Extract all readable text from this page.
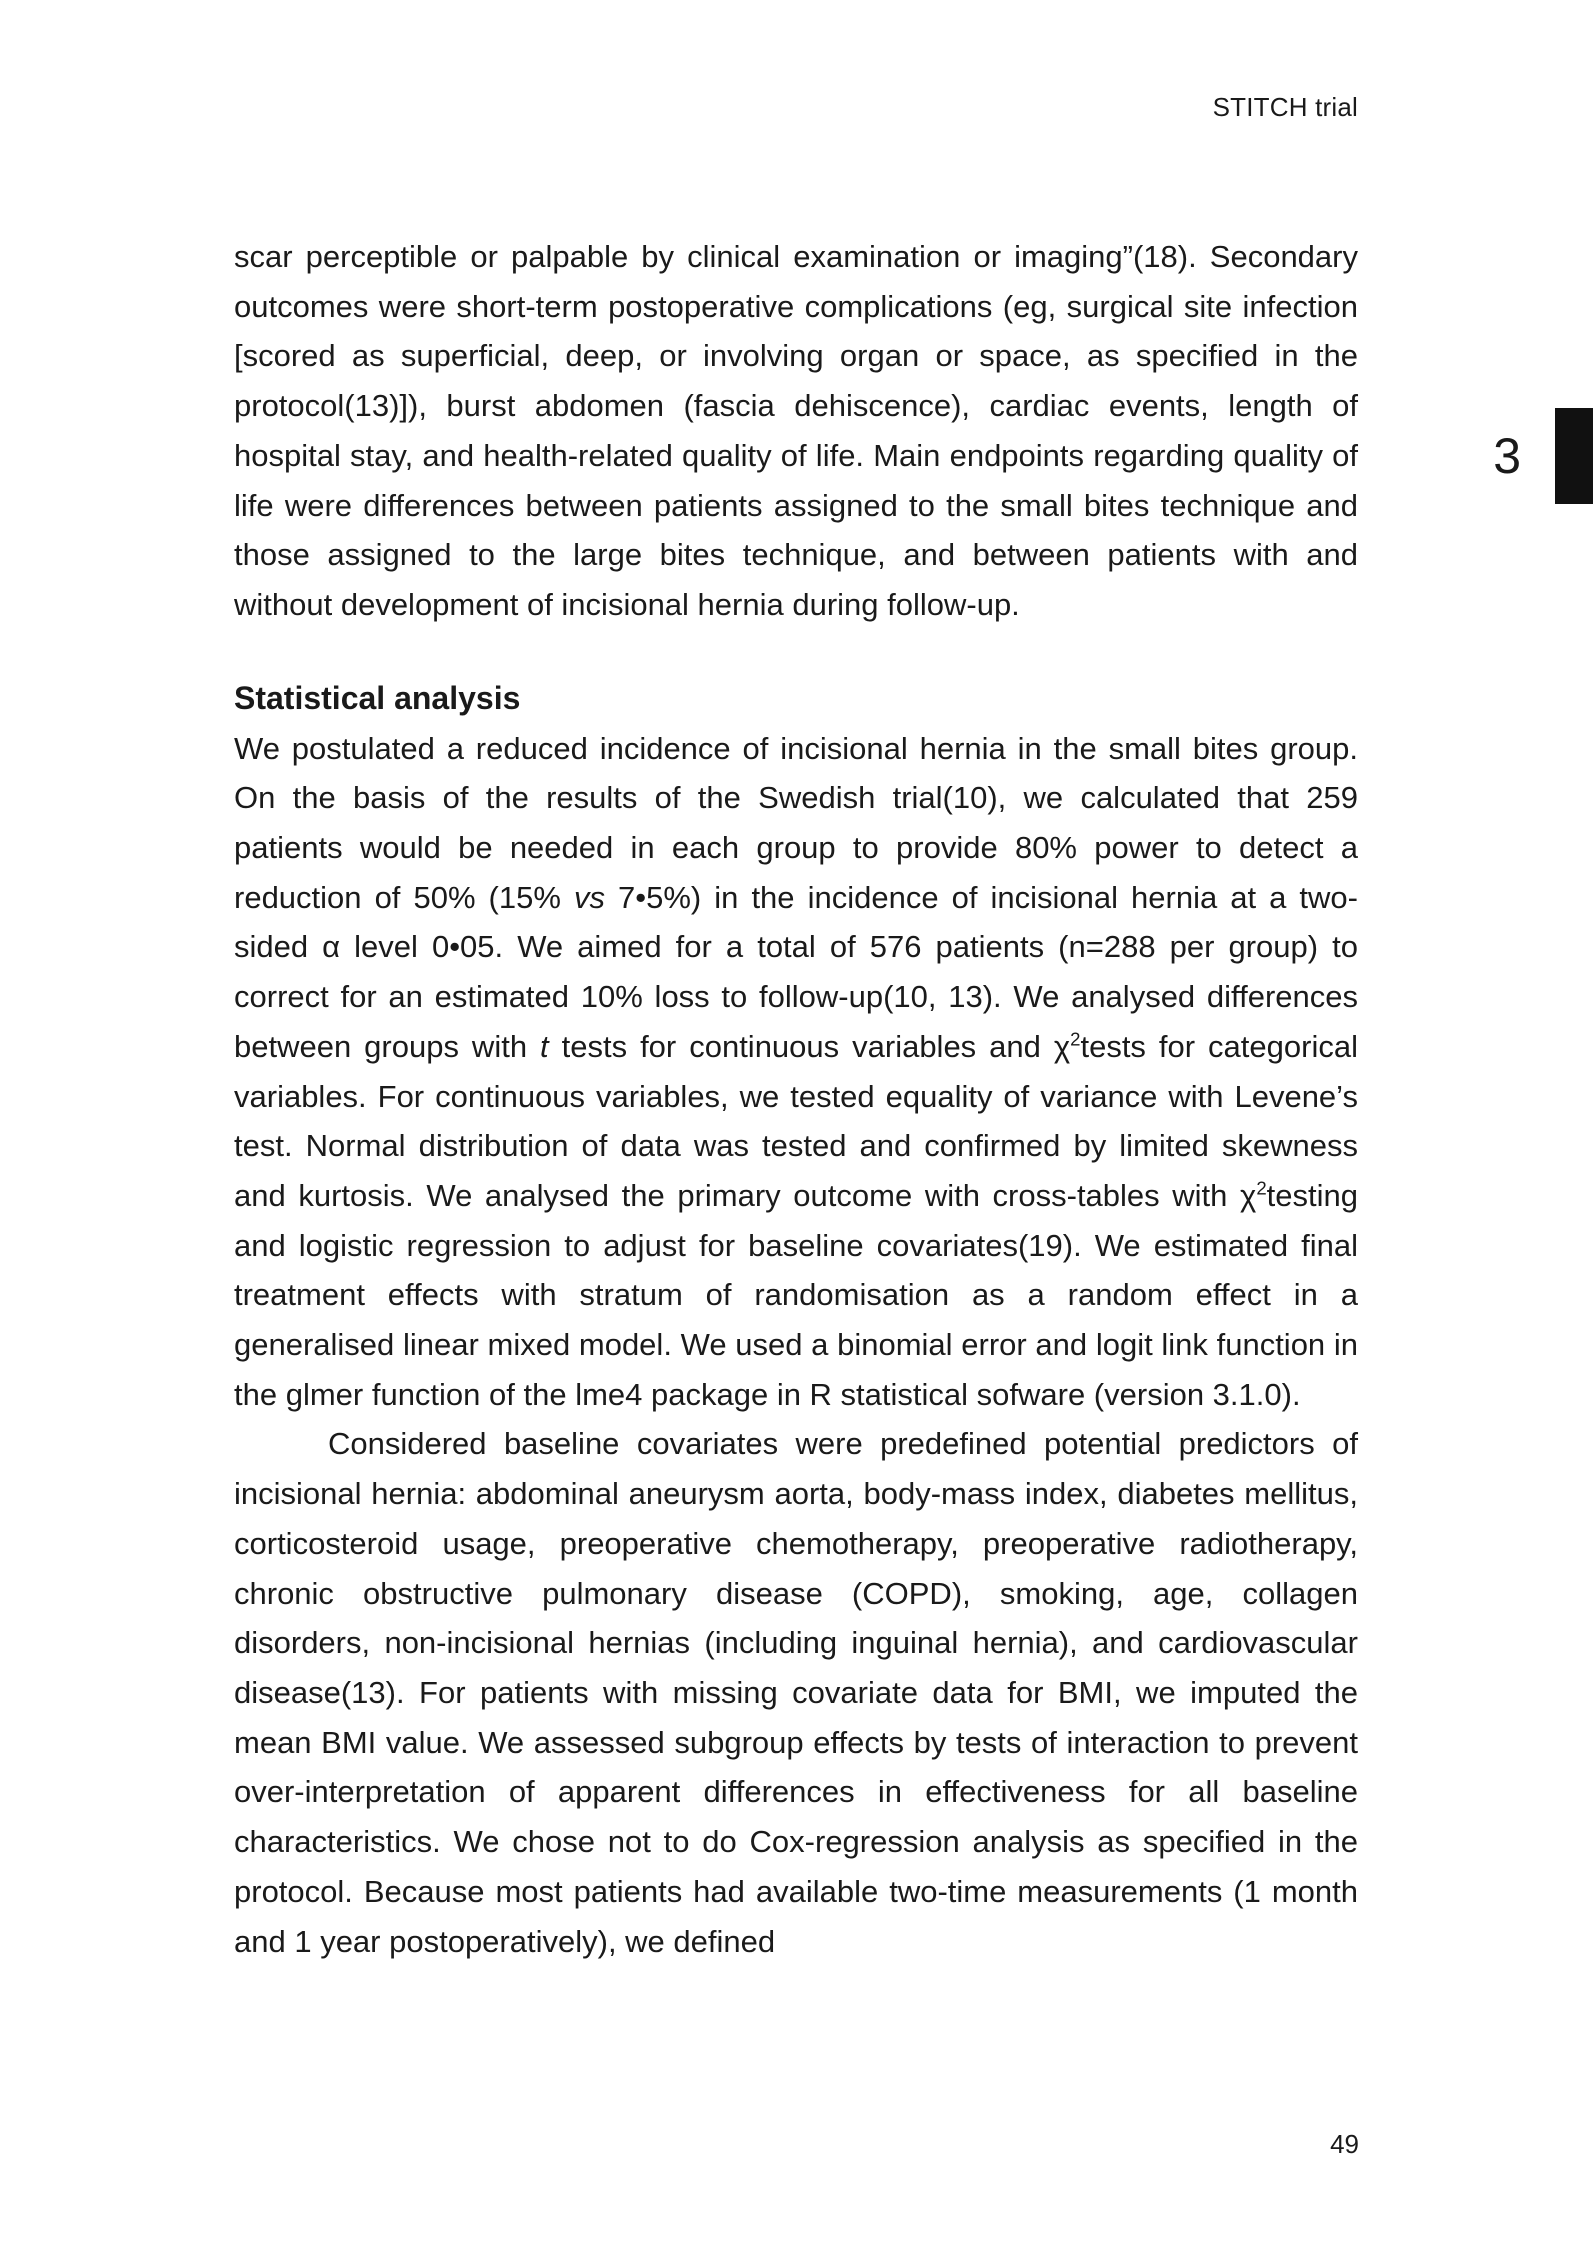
STITCH trial
3

scar perceptible or palpable by clinical examination or imaging”(18). Secondary outcomes were short-term postoperative complications (eg, surgical site infection [scored as superficial, deep, or involving organ or space, as specified in the protocol(13)]), burst abdomen (fascia dehiscence), cardiac events, length of hospital stay, and health-related quality of life. Main endpoints regarding quality of life were differences between patients assigned to the small bites technique and those assigned to the large bites technique, and between patients with and without development of incisional hernia during follow-up.

Statistical analysis

We postulated a reduced incidence of incisional hernia in the small bites group. On the basis of the results of the Swedish trial(10), we calculated that 259 patients would be needed in each group to provide 80% power to detect a reduction of 50% (15% vs 7•5%) in the incidence of incisional hernia at a two-sided α level 0•05. We aimed for a total of 576 patients (n=288 per group) to correct for an estimated 10% loss to follow-up(10, 13). We analysed differences between groups with t tests for continuous variables and $\chi^2tests$ for categorical variables. For continuous variables, we tested equality of variance with Levene’s test. Normal distribution of data was tested and confirmed by limited skewness and kurtosis. We analysed the primary outcome with cross-tables with $\chi^2testing$ and logistic regression to adjust for baseline covariates(19). We estimated final treatment effects with stratum of randomisation as a random effect in a generalised linear mixed model. We used a binomial error and logit link function in the glmer function of the lme4 package in R statistical sofware (version 3.1.0).

Considered baseline covariates were predefined potential predictors of incisional hernia: abdominal aneurysm aorta, body-mass index, diabetes mellitus, corticosteroid usage, preoperative chemotherapy, preoperative radiotherapy, chronic obstructive pulmonary disease (COPD), smoking, age, collagen disorders, non-incisional hernias (including inguinal hernia), and cardiovascular disease(13). For patients with missing covariate data for BMI, we imputed the mean BMI value. We assessed subgroup effects by tests of interaction to prevent over-interpretation of apparent differences in effectiveness for all baseline characteristics. We chose not to do Cox-regression analysis as specified in the protocol. Because most patients had available two-time measurements (1 month and 1 year postoperatively), we defined

49
